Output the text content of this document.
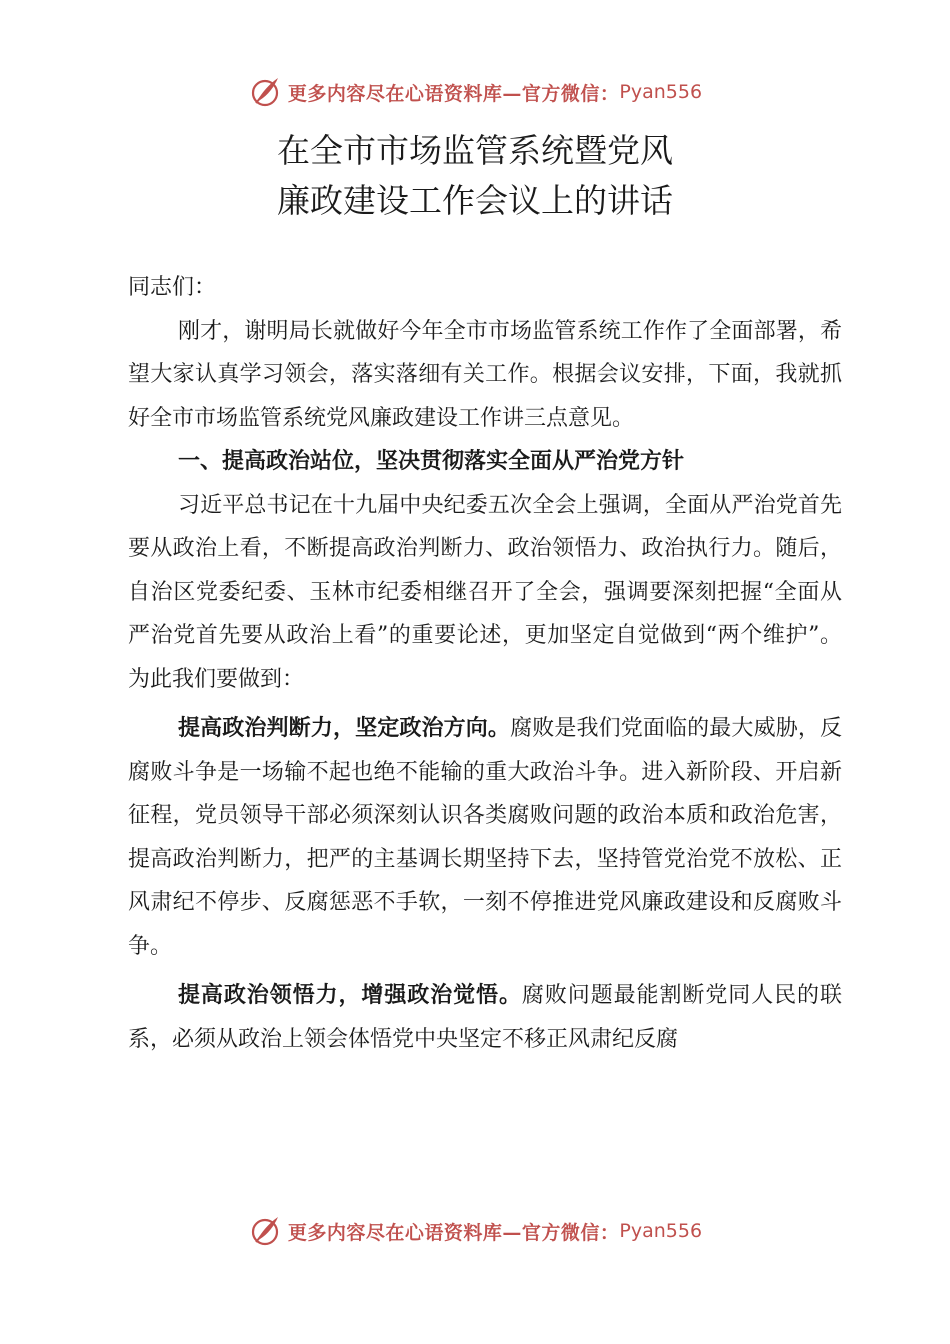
更多内容尽在心语资料库—官方微信： Pyan556
在全市市场监管系统暨党风
廉政建设工作会议上的讲话

同志们：

刚才，谢明局长就做好今年全市市场监管系统工作作了全面部署，希望大家认真学习领会，落实落细有关工作。根据会议安排，下面，我就抓好全市市场监管系统党风廉政建设工作讲三点意见。

一、提高政治站位，坚决贯彻落实全面从严治党方针

习近平总书记在十九届中央纪委五次全会上强调，全面从严治党首先要从政治上看，不断提高政治判断力、政治领悟力、政治执行力。随后，自治区党委纪委、玉林市纪委相继召开了全会，强调要深刻把握“全面从严治党首先要从政治上看”的重要论述，更加坚定自觉做到“两个维护”。为此我们要做到：

提高政治判断力，坚定政治方向。腐败是我们党面临的最大威胁，反腐败斗争是一场输不起也绝不能输的重大政治斗争。进入新阶段、开启新征程，党员领导干部必须深刻认识各类腐败问题的政治本质和政治危害，提高政治判断力，把严的主基调长期坚持下去，坚持管党治党不放松、正风肃纪不停步、反腐惩恶不手软，一刻不停推进党风廉政建设和反腐败斗争。

提高政治领悟力，增强政治觉悟。腐败问题最能割断党同人民的联系，必须从政治上领会体悟党中央坚定不移正风肃纪反腐

更多内容尽在心语资料库—官方微信： Pyan556
